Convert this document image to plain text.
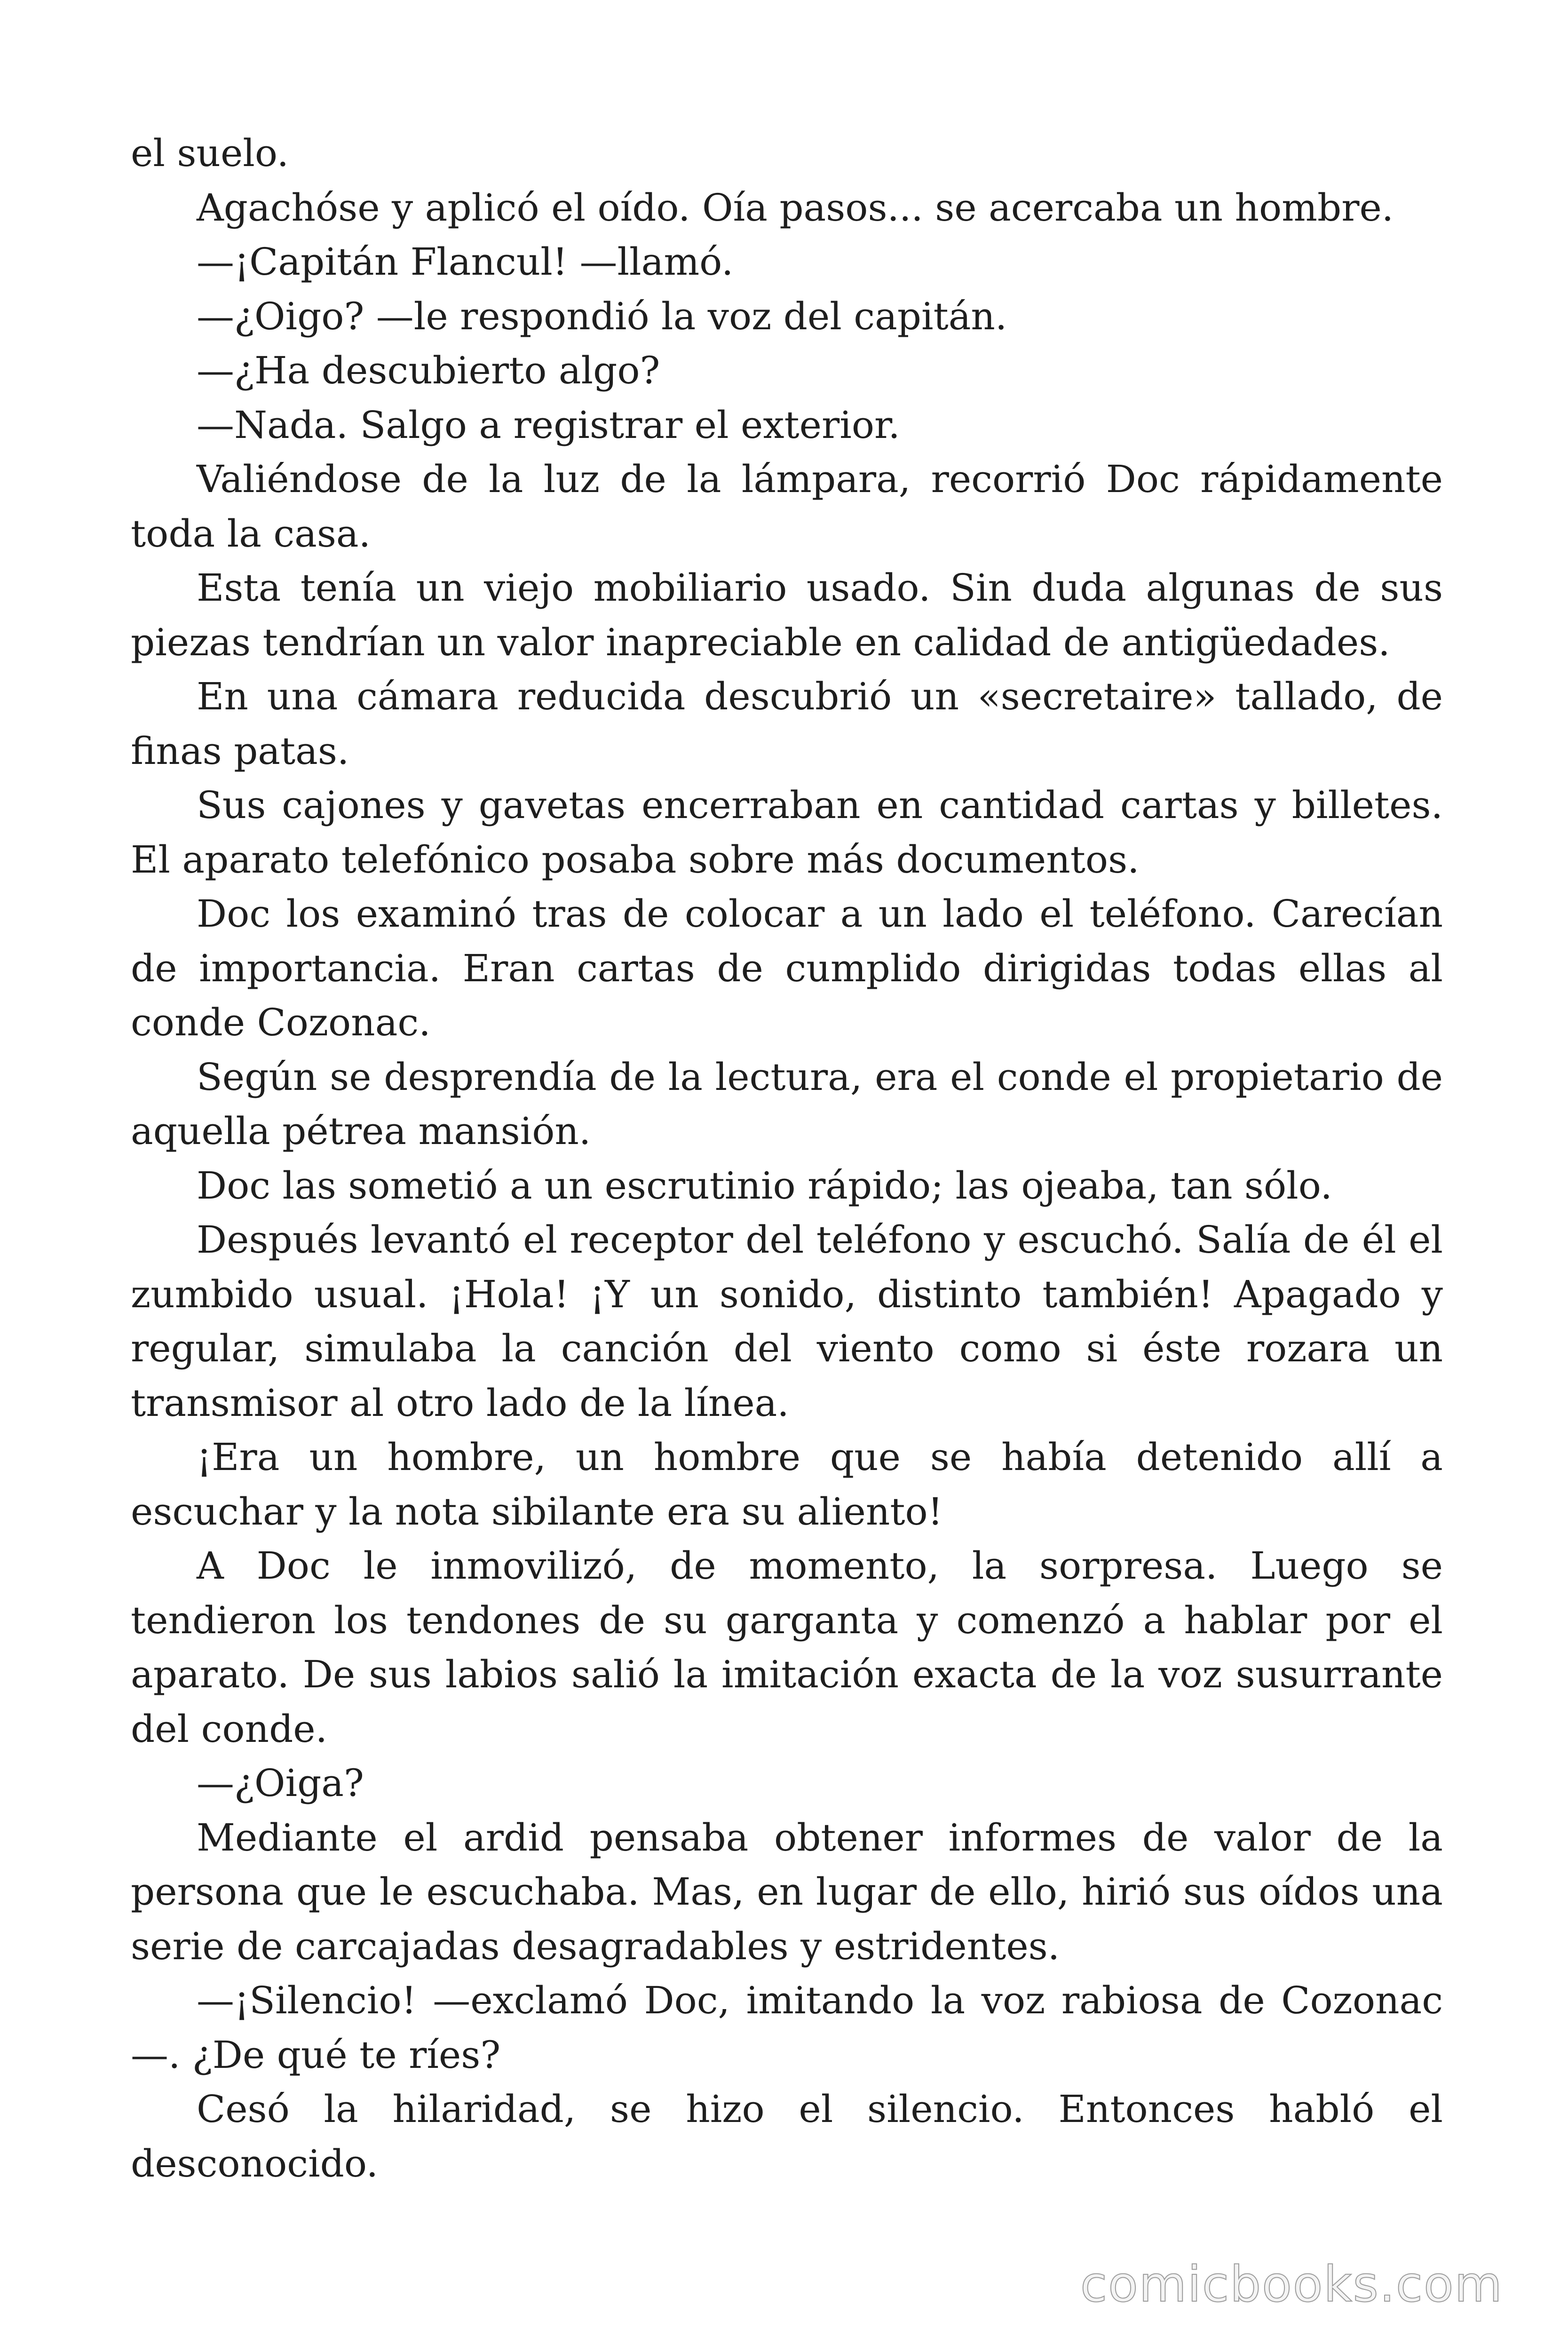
el suelo.

Agachóse y aplicó el oído. Oía pasos... se acercaba un hombre.

—¡Capitán Flancul! —llamó.

—¿Oigo? —le respondió la voz del capitán.

—¿Ha descubierto algo?

—Nada. Salgo a registrar el exterior.

Valiéndose de la luz de la lámpara, recorrió Doc rápidamente toda la casa.

Esta tenía un viejo mobiliario usado. Sin duda algunas de sus piezas tendrían un valor inapreciable en calidad de antigüedades.

En una cámara reducida descubrió un «secretaire» tallado, de finas patas.

Sus cajones y gavetas encerraban en cantidad cartas y billetes. El aparato telefónico posaba sobre más documentos.

Doc los examinó tras de colocar a un lado el teléfono. Carecían de importancia. Eran cartas de cumplido dirigidas todas ellas al conde Cozonac.

Según se desprendía de la lectura, era el conde el propietario de aquella pétrea mansión.

Doc las sometió a un escrutinio rápido; las ojeaba, tan sólo.

Después levantó el receptor del teléfono y escuchó. Salía de él el zumbido usual. ¡Hola! ¡Y un sonido, distinto también! Apagado y regular, simulaba la canción del viento como si éste rozara un transmisor al otro lado de la línea.

¡Era un hombre, un hombre que se había detenido allí a escuchar y la nota sibilante era su aliento!

A Doc le inmovilizó, de momento, la sorpresa. Luego se tendieron los tendones de su garganta y comenzó a hablar por el aparato. De sus labios salió la imitación exacta de la voz susurrante del conde.

—¿Oiga?

Mediante el ardid pensaba obtener informes de valor de la persona que le escuchaba. Mas, en lugar de ello, hirió sus oídos una serie de carcajadas desagradables y estridentes.

—¡Silencio! —exclamó Doc, imitando la voz rabiosa de Cozonac —. ¿De qué te ríes?

Cesó la hilaridad, se hizo el silencio. Entonces habló el desconocido.

comicbooks.com
